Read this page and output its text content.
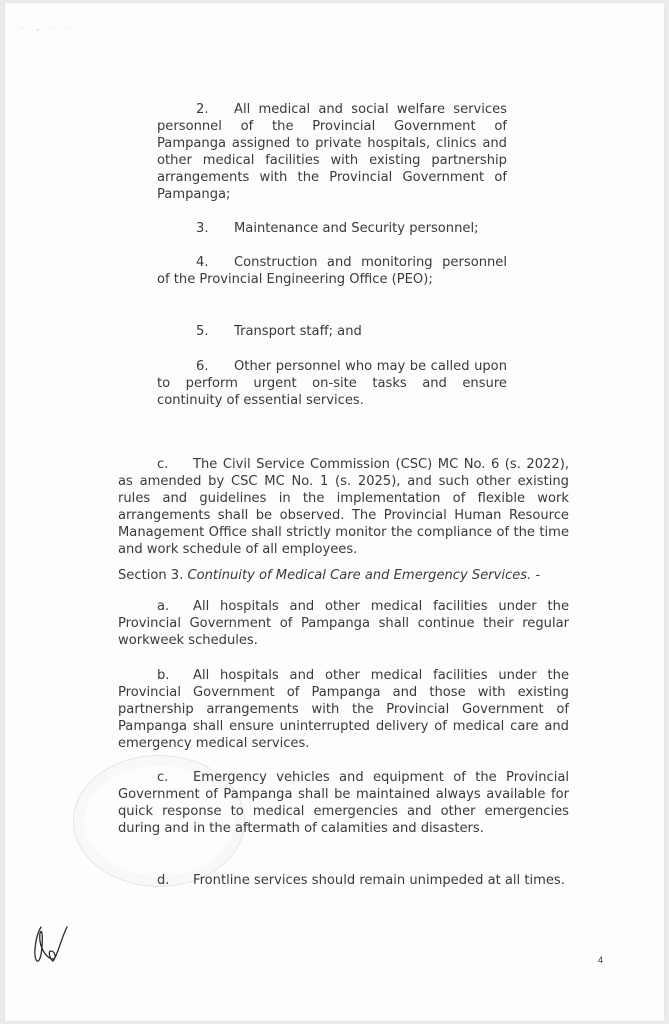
· ‚ · ·
2. All medical and social welfare services personnel of the Provincial Government of Pampanga assigned to private hospitals, clinics and other medical facilities with existing partnership arrangements with the Provincial Government of Pampanga;
3. Maintenance and Security personnel;
4. Construction and monitoring personnel of the Provincial Engineering Office (PEO);
5. Transport staff; and
6. Other personnel who may be called upon to perform urgent on-site tasks and ensure continuity of essential services.
c. The Civil Service Commission (CSC) MC No. 6 (s. 2022), as amended by CSC MC No. 1 (s. 2025), and such other existing rules and guidelines in the implementation of flexible work arrangements shall be observed. The Provincial Human Resource Management Office shall strictly monitor the compliance of the time and work schedule of all employees.
Section 3. Continuity of Medical Care and Emergency Services. -
a. All hospitals and other medical facilities under the Provincial Government of Pampanga shall continue their regular workweek schedules.
b. All hospitals and other medical facilities under the Provincial Government of Pampanga and those with existing partnership arrangements with the Provincial Government of Pampanga shall ensure uninterrupted delivery of medical care and emergency medical services.
c. Emergency vehicles and equipment of the Provincial Government of Pampanga shall be maintained always available for quick response to medical emergencies and other emergencies during and in the aftermath of calamities and disasters.
d. Frontline services should remain unimpeded at all times.
4
